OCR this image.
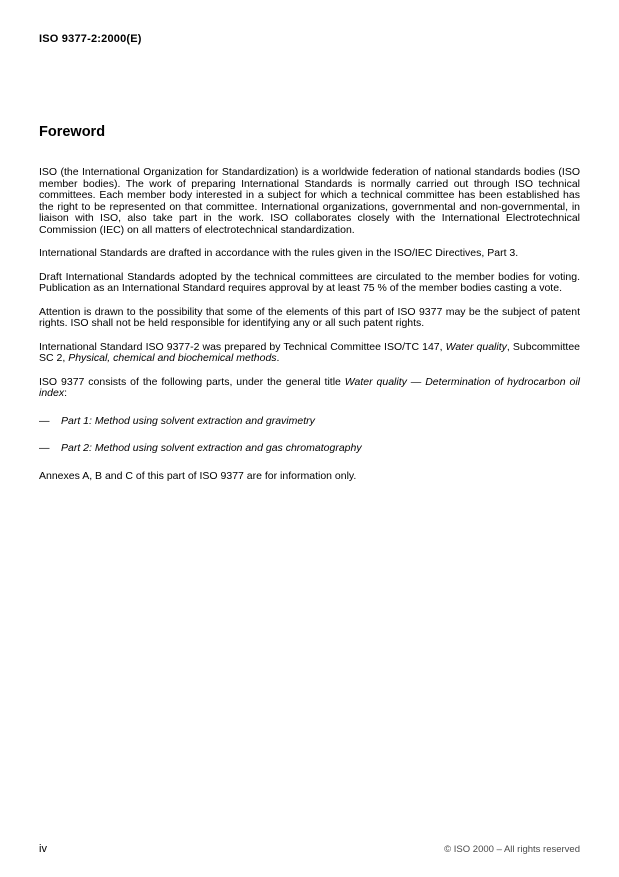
ISO 9377-2:2000(E)
Foreword

ISO (the International Organization for Standardization) is a worldwide federation of national standards bodies (ISO member bodies). The work of preparing International Standards is normally carried out through ISO technical committees. Each member body interested in a subject for which a technical committee has been established has the right to be represented on that committee. International organizations, governmental and non-governmental, in liaison with ISO, also take part in the work. ISO collaborates closely with the International Electrotechnical Commission (IEC) on all matters of electrotechnical standardization.

International Standards are drafted in accordance with the rules given in the ISO/IEC Directives, Part 3.

Draft International Standards adopted by the technical committees are circulated to the member bodies for voting. Publication as an International Standard requires approval by at least 75 % of the member bodies casting a vote.

Attention is drawn to the possibility that some of the elements of this part of ISO 9377 may be the subject of patent rights. ISO shall not be held responsible for identifying any or all such patent rights.

International Standard ISO 9377-2 was prepared by Technical Committee ISO/TC 147, Water quality, Subcommittee SC 2, Physical, chemical and biochemical methods.

ISO 9377 consists of the following parts, under the general title Water quality — Determination of hydrocarbon oil index:

—	Part 1: Method using solvent extraction and gravimetry
—	Part 2: Method using solvent extraction and gas chromatography

Annexes A, B and C of this part of ISO 9377 are for information only.

iv	© ISO 2000 – All rights reserved
